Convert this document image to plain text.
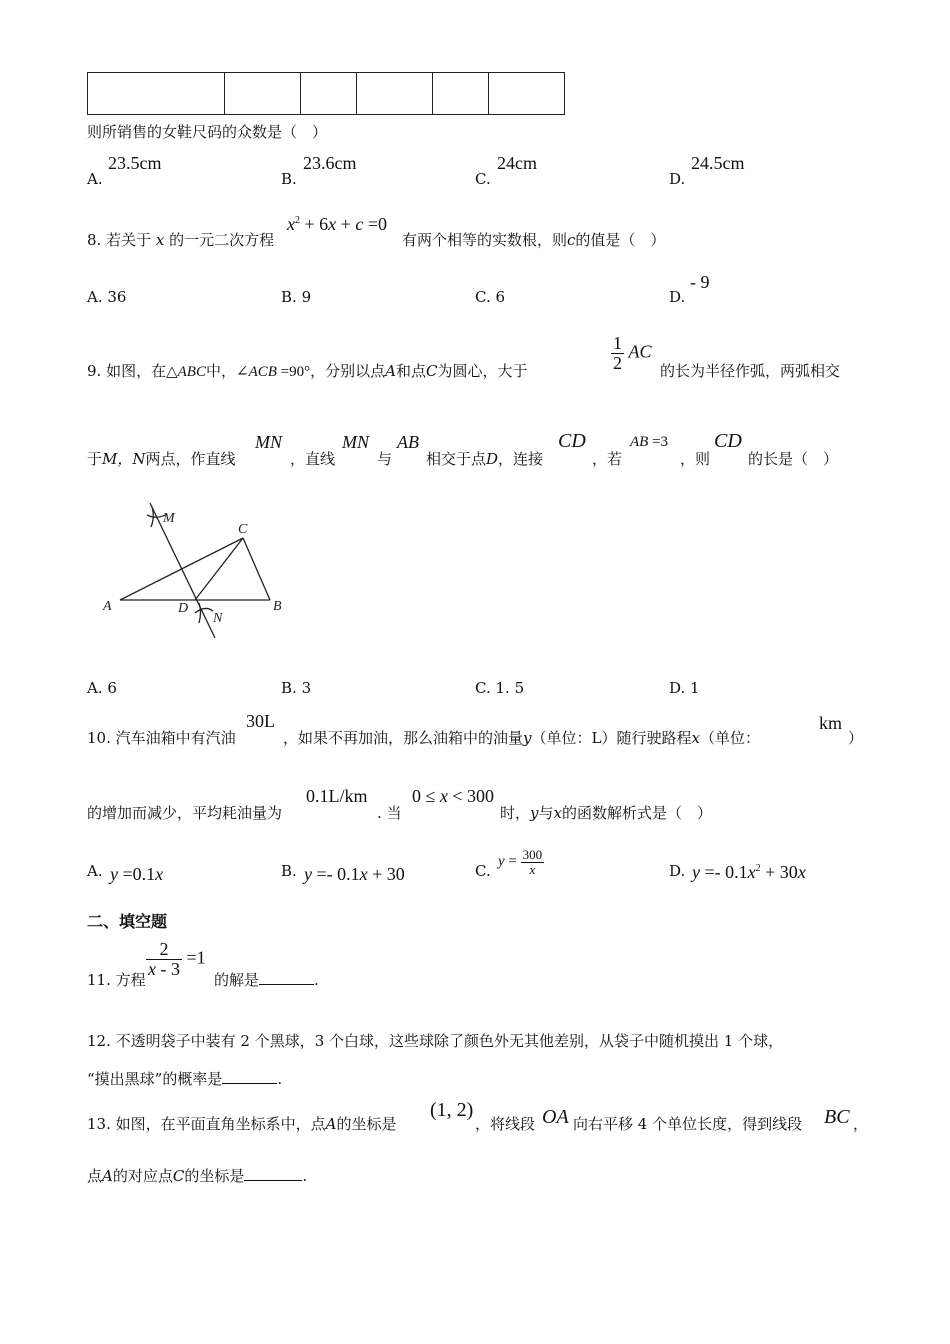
则所销售的女鞋尺码的众数是（　）
A.
23.5cm
B.
23.6cm
C.
24cm
D.
24.5cm
8. 若关于 x 的一元二次方程
$x^2 + 6x + c =0$
有两个相等的实数根，则c的值是（　）
A. 36	B. 9	C. 6	D.
- 9
9. 如图，在△ABC中，∠ACB =90°，分别以点A和点C为圆心，大于	$\frac{1}{2}$ AC
的长为半径作弧，两弧相交
于M，N两点，作直线
MN
，直线
MN
与
AB
相交于点D，连接
CD
，若
AB =3
，则
CD
的长是（　）
M
C
A	D	B
N
A. 6	B. 3	C. 1. 5	D. 1
10. 汽车油箱中有汽油
30L
，如果不再加油，那么油箱中的油量y（单位：L）随行驶路程x（单位：
km
）
的增加而减少，平均耗油量为
0.1L/km
. 当
0 ≤ x < 300
时，y与x的函数解析式是（　）
A. y =0.1x	B. y =- 0.1x + 30	C.
$y = \frac{300}{x}$	D. $y =- 0.1x^2 + 30x$
二、填空题
11. 方程
$\frac{2}{x - 3} =1$
的解是	.
12. 不透明袋子中装有 2 个黑球，3 个白球，这些球除了颜色外无其他差别，从袋子中随机摸出 1 个球，
“摸出黑球”的概率是	.
13. 如图，在平面直角坐标系中，点A的坐标是
(1, 2)
，将线段 OA 向右平移 4 个单位长度，得到线段 BC ，
点A的对应点C的坐标是	.
